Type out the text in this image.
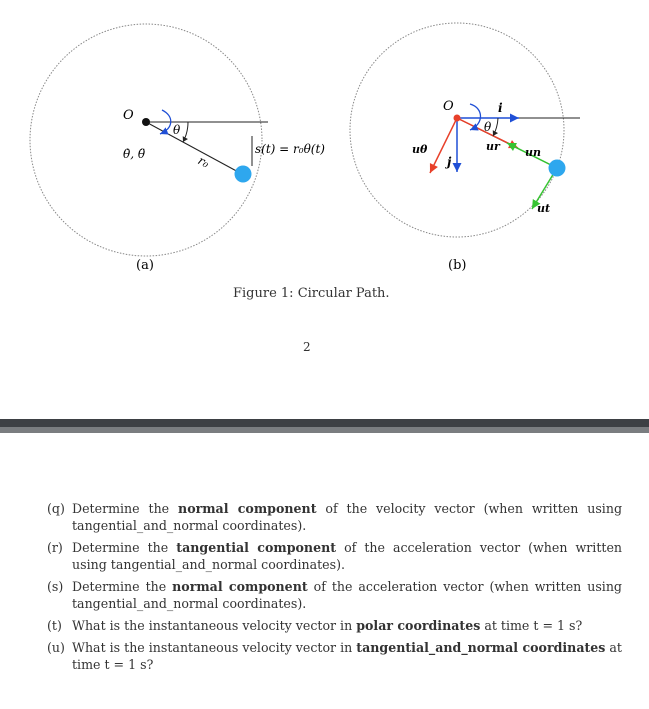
O
θ
θ̇, θ̈	r₀
s(t) = r₀θ(t)
(a)
O	i
j
θ
uθ	ur un
ut
(b)
Figure 1: Circular Path.
2
(q) Determine the normal component of the velocity vector (when written using tangential_and_normal coordinates).
(r) Determine the tangential component of the acceleration vector (when written using tangential_and_normal coordinates).
(s) Determine the normal component of the acceleration vector (when written using tangential_and_normal coordinates).
(t) What is the instantaneous velocity vector in polar coordinates at time t = 1 s?
(u) What is the instantaneous velocity vector in tangential_and_normal coordinates at time t = 1 s?
